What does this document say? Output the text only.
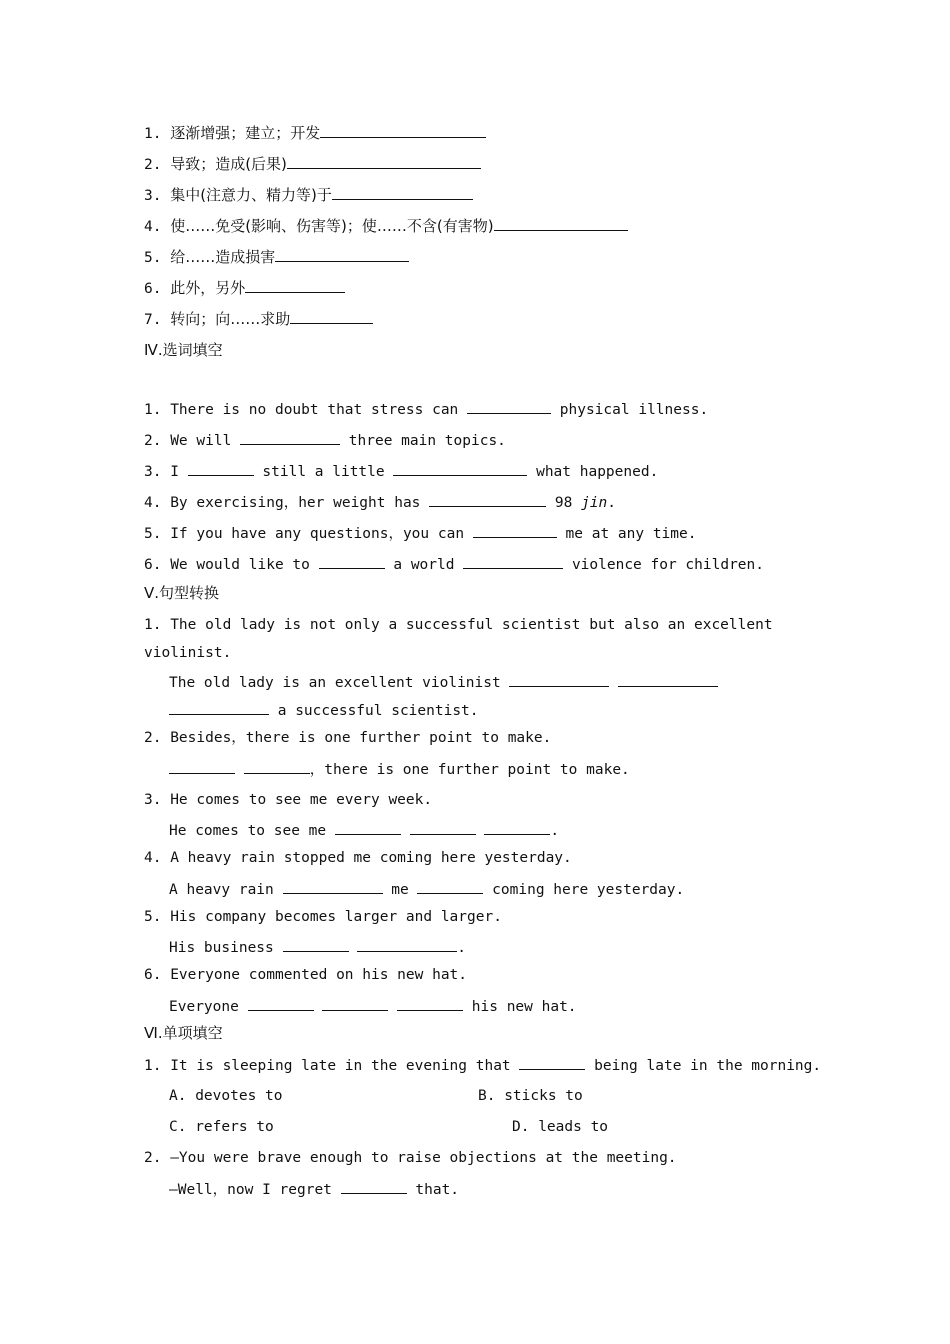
1. 逐渐增强；建立；开发
2. 导致；造成(后果)
3. 集中(注意力、精力等)于
4. 使……免受(影响、伤害等)；使……不含(有害物)
5. 给……造成损害
6. 此外，另外
7. 转向；向……求助
Ⅳ.选词填空
1. There is no doubt that stress can	physical illness.
2. We will	three main topics.
3. I	still a little	what happened.
4. By exercising，her weight has	98 jin.
5. If you have any questions，you can	me at any time.
6. We would like to	a world	violence for children.
Ⅴ.句型转换
1. The old lady is not only a successful scientist but also an excellent
violinist.
The old lady is an excellent violinist
a successful scientist.
2. Besides，there is one further point to make.
，there is one further point to make.
3. He comes to see me every week.
He comes to see me	.
4. A heavy rain stopped me coming here yesterday.
A heavy rain	me	coming here yesterday.
5. His company becomes larger and larger.
His business	.
6. Everyone commented on his new hat.
Everyone	his new hat.
Ⅵ.单项填空
1. It is sleeping late in the evening that	being late in the morning.
A. devotes to	B. sticks to
C. refers to	D. leads to
2. —You were brave enough to raise objections at the meeting.
—Well，now I regret	that.
